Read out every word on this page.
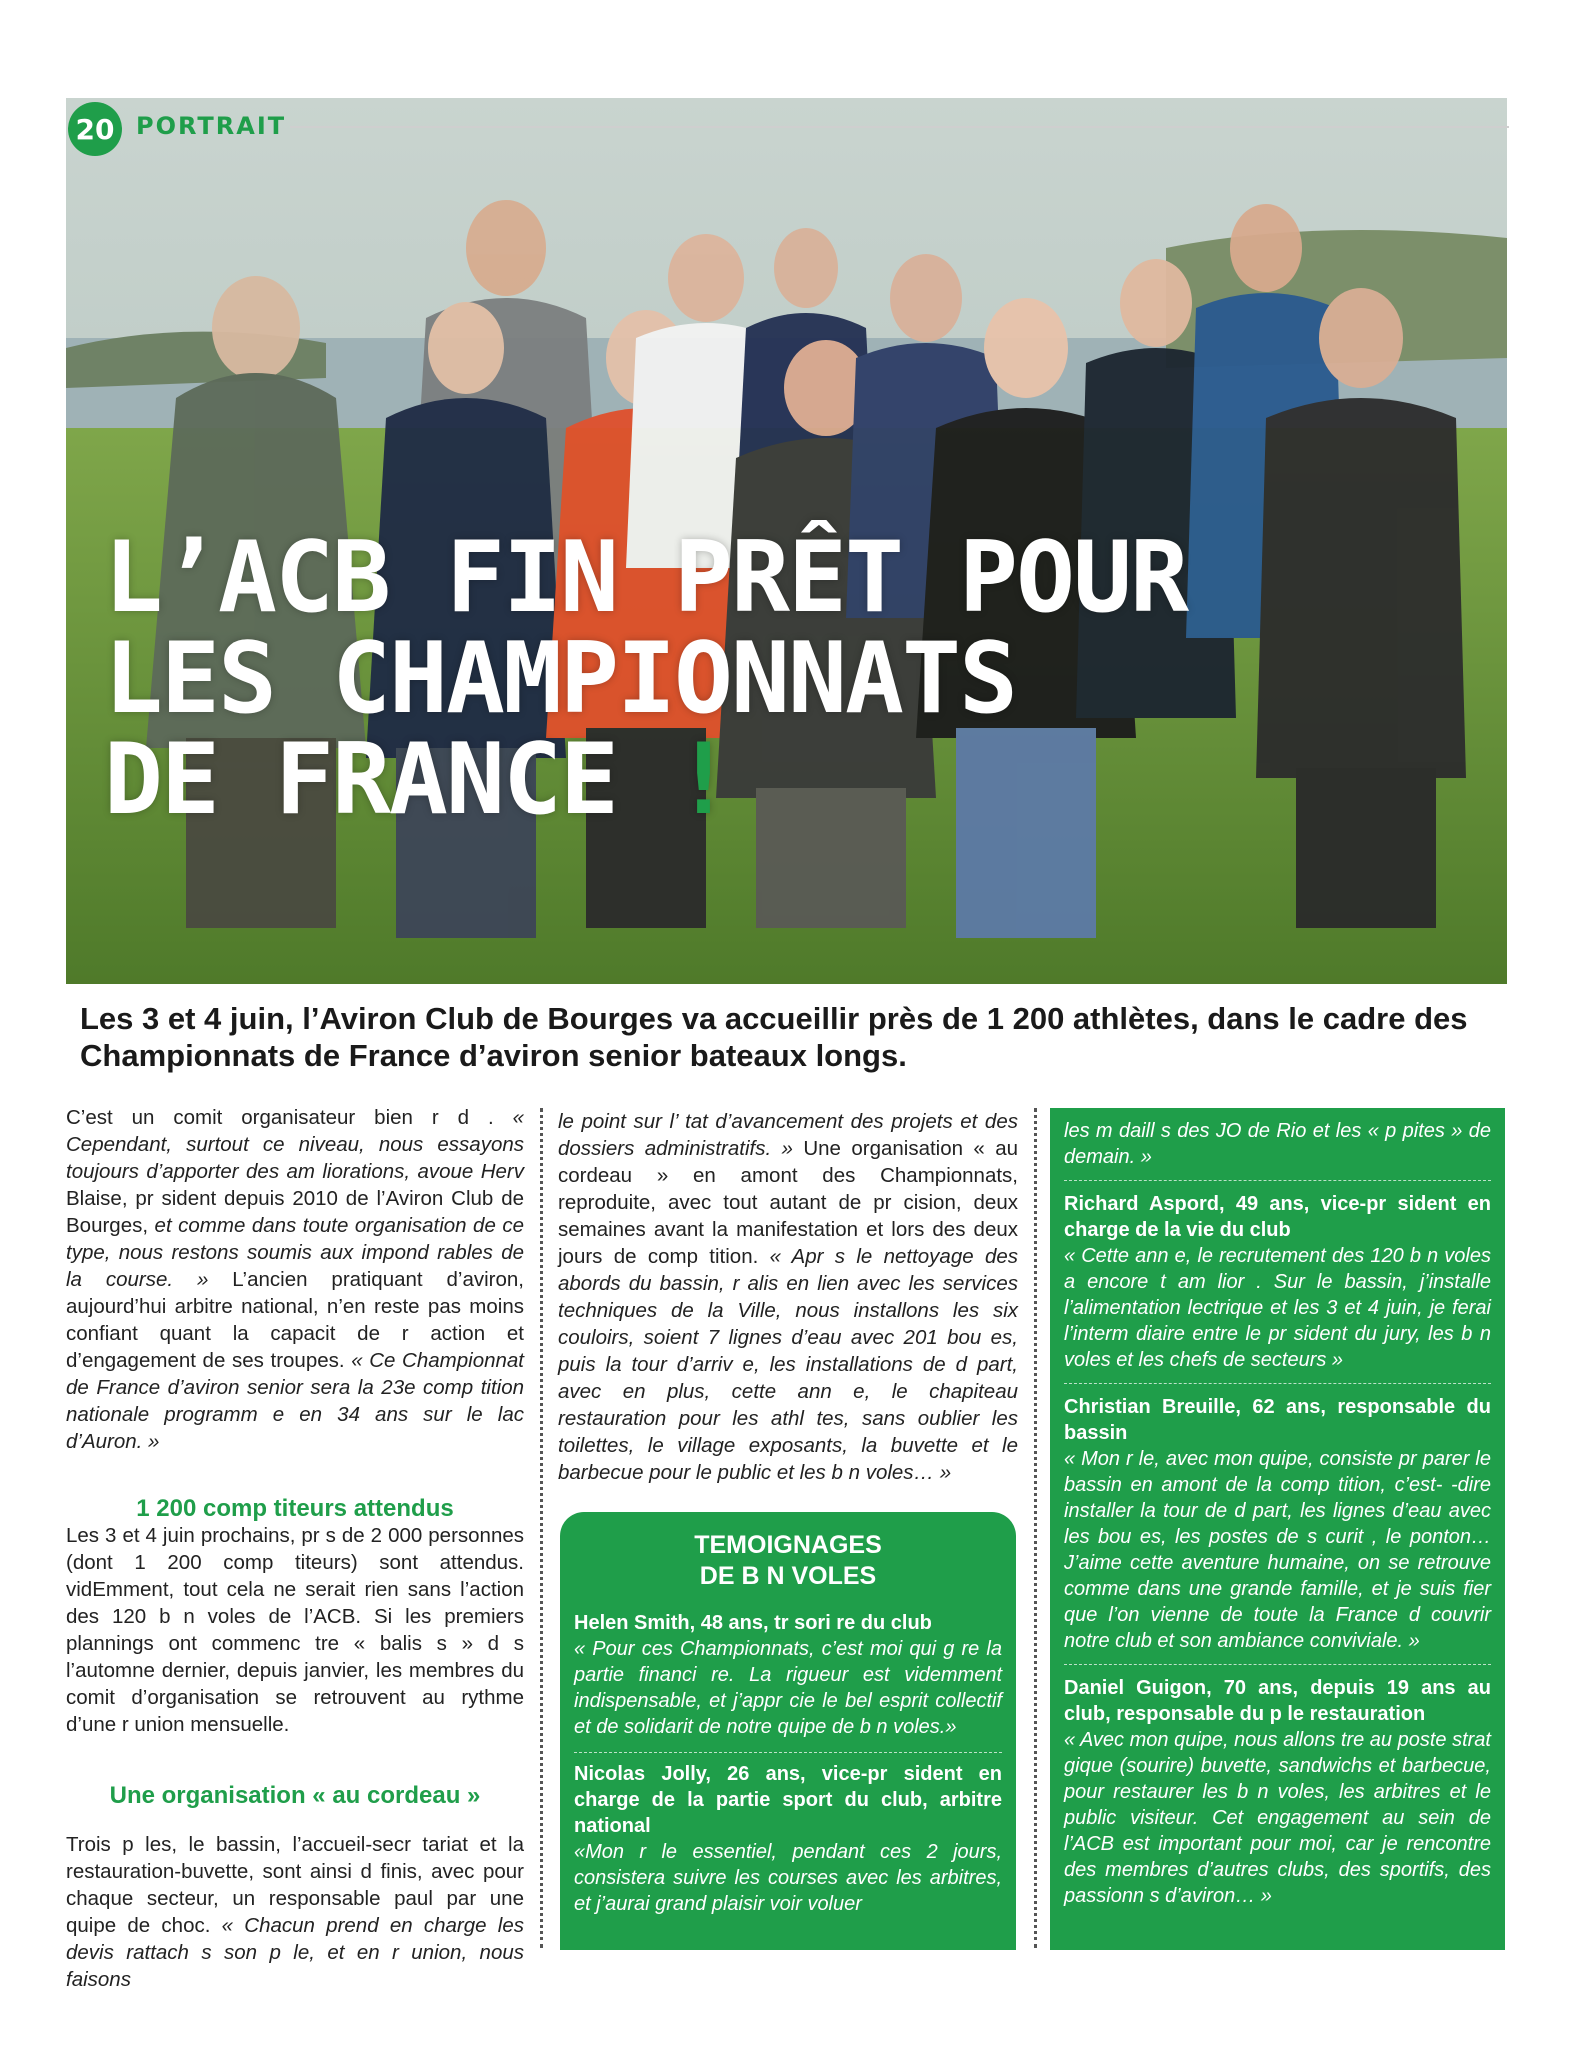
20 PORTRAIT
L’ACB FIN PRÊT POUR
LES CHAMPIONNATS
DE FRANCE !
Les 3 et 4 juin, l’Aviron Club de Bourges va accueillir près de 1 200 athlètes, dans le cadre des Championnats de France d’aviron senior bateaux longs.

C’est un comit organisateur bien r d . « Cependant, surtout ce niveau, nous essayons toujours d’apporter des am liorations, avoue Herv Blaise, pr sident depuis 2010 de l’Aviron Club de Bourges, et comme dans toute organisation de ce type, nous restons soumis aux impond rables de la course. » L’ancien pratiquant d’aviron, aujourd’hui arbitre national, n’en reste pas moins confiant quant la capacit de r action et d’engagement de ses troupes. « Ce Championnat de France d’aviron senior sera la 23e comp tition nationale programm e en 34 ans sur le lac d’Auron. »

1 200 comp titeurs attendus

Les 3 et 4 juin prochains, pr s de 2 000 personnes (dont 1 200 comp titeurs) sont attendus. vidEmment, tout cela ne serait rien sans l’action des 120 b n voles de l’ACB. Si les premiers plannings ont commenc tre « balis s » d s l’automne dernier, depuis janvier, les membres du comit d’organisation se retrouvent au rythme d’une r union mensuelle.

Une organisation « au cordeau »

Trois p les, le bassin, l’accueil-secr tariat et la restauration-buvette, sont ainsi d finis, avec pour chaque secteur, un responsable paul par une quipe de choc. « Chacun prend en charge les devis rattach s son p le, et en r union, nous faisons

le point sur l’ tat d’avancement des projets et des dossiers administratifs. » Une organisation « au cordeau » en amont des Championnats, reproduite, avec tout autant de pr cision, deux semaines avant la manifestation et lors des deux jours de comp tition. « Apr s le nettoyage des abords du bassin, r alis en lien avec les services techniques de la Ville, nous installons les six couloirs, soient 7 lignes d’eau avec 201 bou es, puis la tour d’arriv e, les installations de d part, avec en plus, cette ann e, le chapiteau restauration pour les athl tes, sans oublier les toilettes, le village exposants, la buvette et le barbecue pour le public et les b n voles… »

TEMOIGNAGES
DE B N VOLES

Helen Smith, 48 ans, tr sori re du club

« Pour ces Championnats, c’est moi qui g re la partie financi re. La rigueur est videmment indispensable, et j’appr cie le bel esprit collectif et de solidarit de notre quipe de b n voles.»

Nicolas Jolly, 26 ans, vice-pr sident en charge de la partie sport du club, arbitre national

«Mon r le essentiel, pendant ces 2 jours, consistera suivre les courses avec les arbitres, et j’aurai grand plaisir voir voluer

les m daill s des JO de Rio et les « p pites » de demain. »

Richard Aspord, 49 ans, vice-pr sident en charge de la vie du club

« Cette ann e, le recrutement des 120 b n voles a encore t am lior . Sur le bassin, j’installe l’alimentation lectrique et les 3 et 4 juin, je ferai l’interm diaire entre le pr sident du jury, les b n voles et les chefs de secteurs »

Christian Breuille, 62 ans, responsable du bassin

« Mon r le, avec mon quipe, consiste pr parer le bassin en amont de la comp tition, c’est- -dire installer la tour de d part, les lignes d’eau avec les bou es, les postes de s curit , le ponton… J’aime cette aventure humaine, on se retrouve comme dans une grande famille, et je suis fier que l’on vienne de toute la France d couvrir notre club et son ambiance conviviale. »

Daniel Guigon, 70 ans, depuis 19 ans au club, responsable du p le restauration

« Avec mon quipe, nous allons tre au poste strat gique (sourire) buvette, sandwichs et barbecue, pour restaurer les b n voles, les arbitres et le public visiteur. Cet engagement au sein de l’ACB est important pour moi, car je rencontre des membres d’autres clubs, des sportifs, des passionn s d’aviron… »
